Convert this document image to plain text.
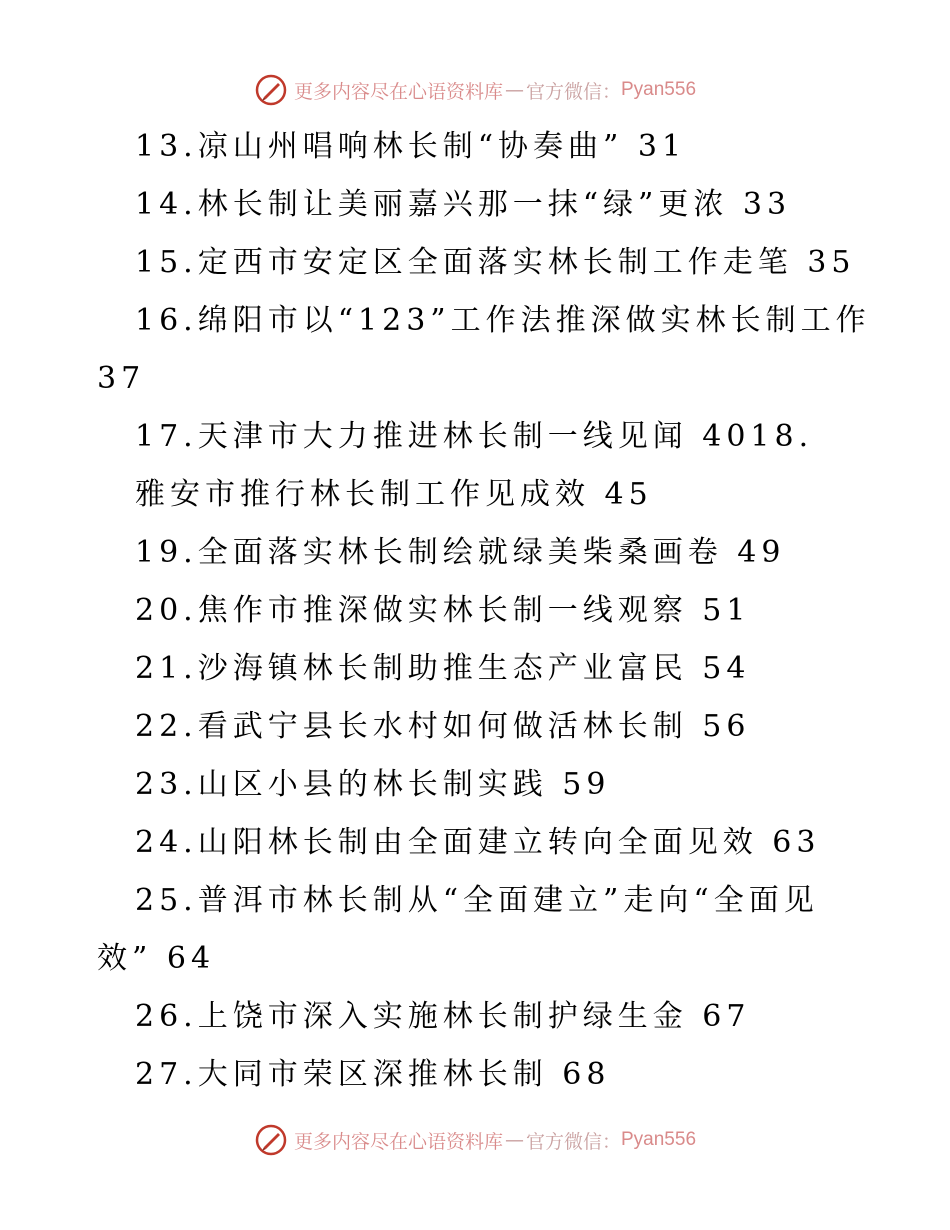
更多内容尽在心语资料库 — 官方微信： Pyan556
13.凉山州唱响林长制“协奏曲” 31
14.林长制让美丽嘉兴那一抹“绿”更浓 33
15.定西市安定区全面落实林长制工作走笔 35
16.绵阳市以“123”工作法推深做实林长制工作
37
17.天津市大力推进林长制一线见闻 4018.
雅安市推行林长制工作见成效 45
19.全面落实林长制绘就绿美柴桑画卷 49
20.焦作市推深做实林长制一线观察 51
21.沙海镇林长制助推生态产业富民 54
22.看武宁县长水村如何做活林长制 56
23.山区小县的林长制实践 59
24.山阳林长制由全面建立转向全面见效 63
25.普洱市林长制从“全面建立”走向“全面见
效” 64
26.上饶市深入实施林长制护绿生金 67
27.大同市荣区深推林长制 68
更多内容尽在心语资料库 — 官方微信： Pyan556
